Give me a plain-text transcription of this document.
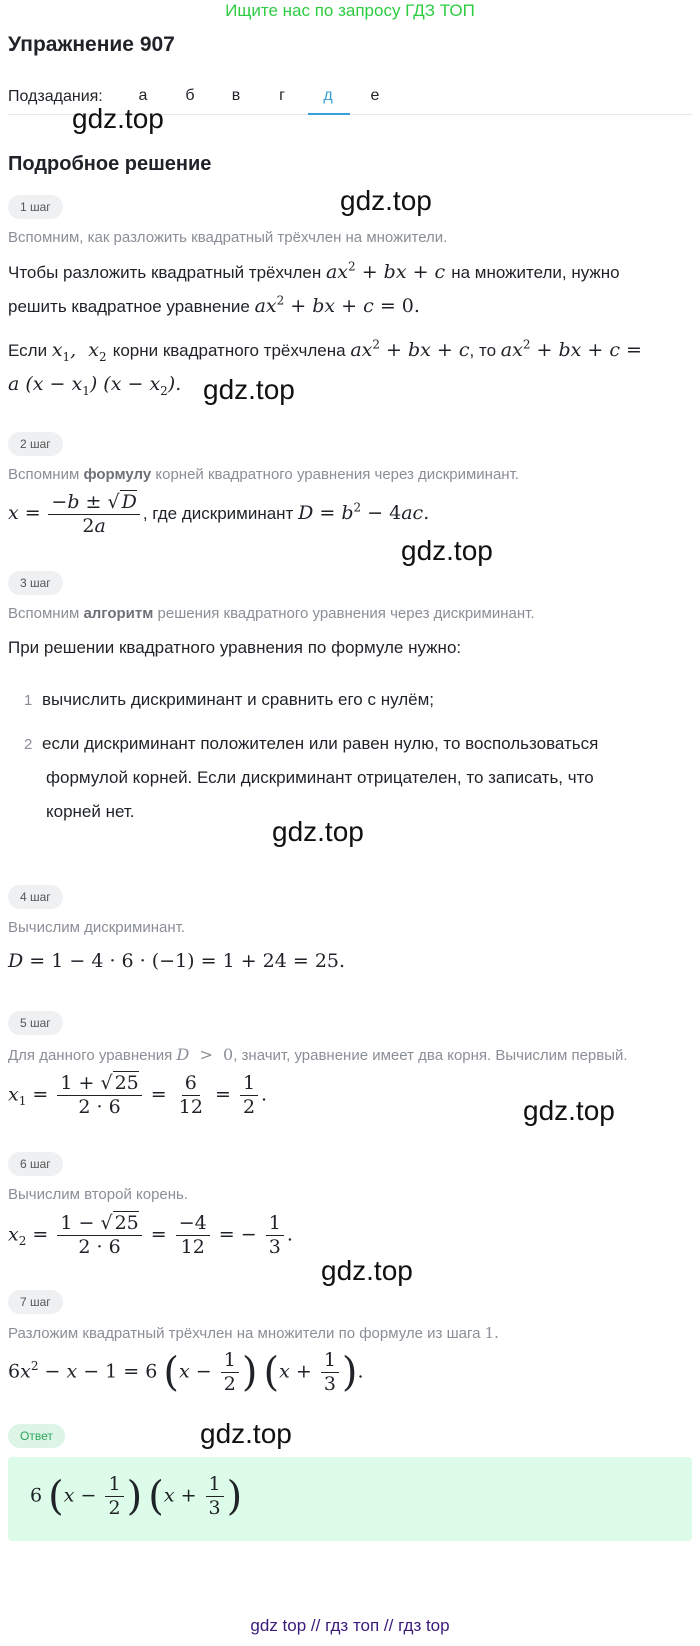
Ищите нас по запросу ГДЗ ТОП
Упражнение 907
Подзадания:	а	б	в	г	д	е
gdz.top
Подробное решение
gdz.top
1 шаг
Вспомним, как разложить квадратный трёхчлен на множители.
Чтобы разложить квадратный трёхчлен $ax^2$ + bx + c на множители, нужно
решить квадратное уравнение $ax^2$ + bx + c = 0.
Если $x_1$,  $x_2$ корни квадратного трёхчлена $ax^2$ + bx + c, то $ax^2$ + bx + c =
a $(x - x_1)$ $(x - x_2)$. gdz.top
2 шаг
Вспомним формулу корней квадратного уравнения через дискриминант.
$x = \frac{-b \pm √ D}{2a}$ , где дискриминант $D = b^2 - 4ac$.
gdz.top
3 шаг
Вспомним алгоритм решения квадратного уравнения через дискриминант.
При решении квадратного уравнения по формуле нужно:
1 вычислить дискриминант и сравнить его с нулём;
2 если дискриминант положителен или равен нулю, то воспользоваться
формулой корней. Если дискриминант отрицателен, то записать, что
корней нет.
gdz.top
4 шаг
Вычислим дискриминант.
D = 1 − 4 · 6 · (−1) = 1 + 24 = 25.
5 шаг
Для данного уравнения D  >  0, значит, уравнение имеет два корня. Вычислим первый.
$x_1 = \frac{1 + √ 25}{2 \cdot 6} = \frac{6}{12} = \frac{1}{2}$ .
gdz.top
6 шаг
Вычислим второй корень.
$x_2 = \frac{1 - √ 25}{2 \cdot 6} = \frac{-4}{12}$ = − $\frac{1}{3}$ .
gdz.top
7 шаг
Разложим квадратный трёхчлен на множители по формуле из шага 1.
$6x^2 - x - 1 = 6$ ($x - \frac{1}{2}$ ) ($x + \frac{1}{3}$ ).
Ответ	gdz.top
6 ($x - \frac{1}{2}$ ) ($x + \frac{1}{3}$ )
gdz top // гдз топ // гдз top
